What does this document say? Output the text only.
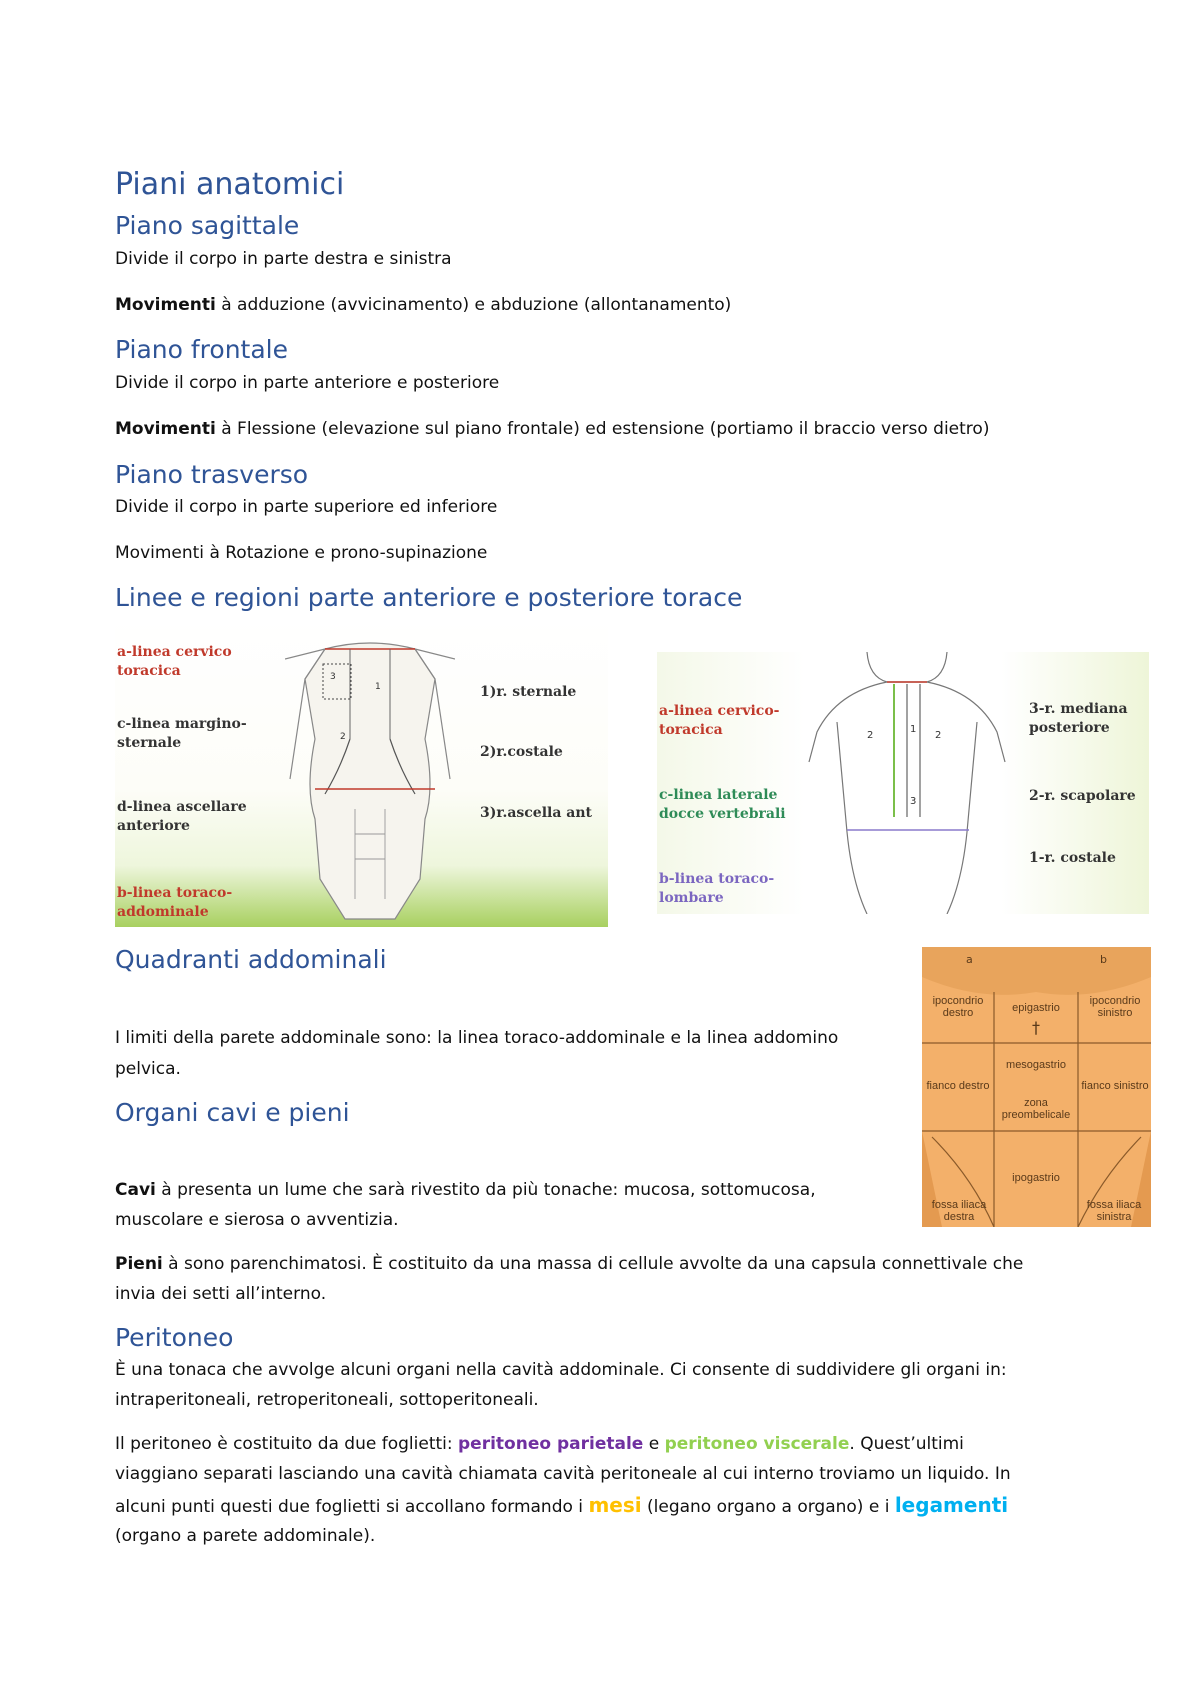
Piani anatomici
Piano sagittale
Divide il corpo in parte destra e sinistra
Movimenti à adduzione (avvicinamento) e abduzione (allontanamento)
Piano frontale
Divide il corpo in parte anteriore e posteriore
Movimenti à Flessione (elevazione sul piano frontale) ed estensione (portiamo il braccio verso dietro)
Piano trasverso
Divide il corpo in parte superiore ed inferiore
Movimenti à Rotazione e prono-supinazione
Linee e regioni parte anteriore e posteriore torace
3
1
2
a-linea cervico
toracica
c-linea margino-
sternale
d-linea ascellare
anteriore
b-linea toraco-
addominale
1)r. sternale
2)r.costale
3)r.ascella ant
2	2
1
3
a-linea cervico-
toracica
c-linea laterale
docce vertebrali
b-linea toraco-
lombare
3-r. mediana
posteriore
2-r. scapolare
1-r. costale
Quadranti addominali
I limiti della parete addominale sono: la linea toraco-addominale e la linea addomino
pelvica.
a	b
†
ipocondrio destro	epigastrio
ipocondrio sinistro
fianco destro
mesogastrio
zona preombelicale
fianco sinistro
ipogastrio
fossa iliaca destra
fossa iliaca sinistra
Organi cavi e pieni
Cavi à presenta un lume che sarà rivestito da più tonache: mucosa, sottomucosa,
muscolare e sierosa o avventizia.
Pieni à sono parenchimatosi. È costituito da una massa di cellule avvolte da una capsula connettivale che
invia dei setti all’interno.
Peritoneo
È una tonaca che avvolge alcuni organi nella cavità addominale. Ci consente di suddividere gli organi in:
intraperitoneali, retroperitoneali, sottoperitoneali.
Il peritoneo è costituito da due foglietti: peritoneo parietale e peritoneo viscerale. Quest’ultimi
viaggiano separati lasciando una cavità chiamata cavità peritoneale al cui interno troviamo un liquido. In
alcuni punti questi due foglietti si accollano formando i mesi (legano organo a organo) e i legamenti
(organo a parete addominale).
